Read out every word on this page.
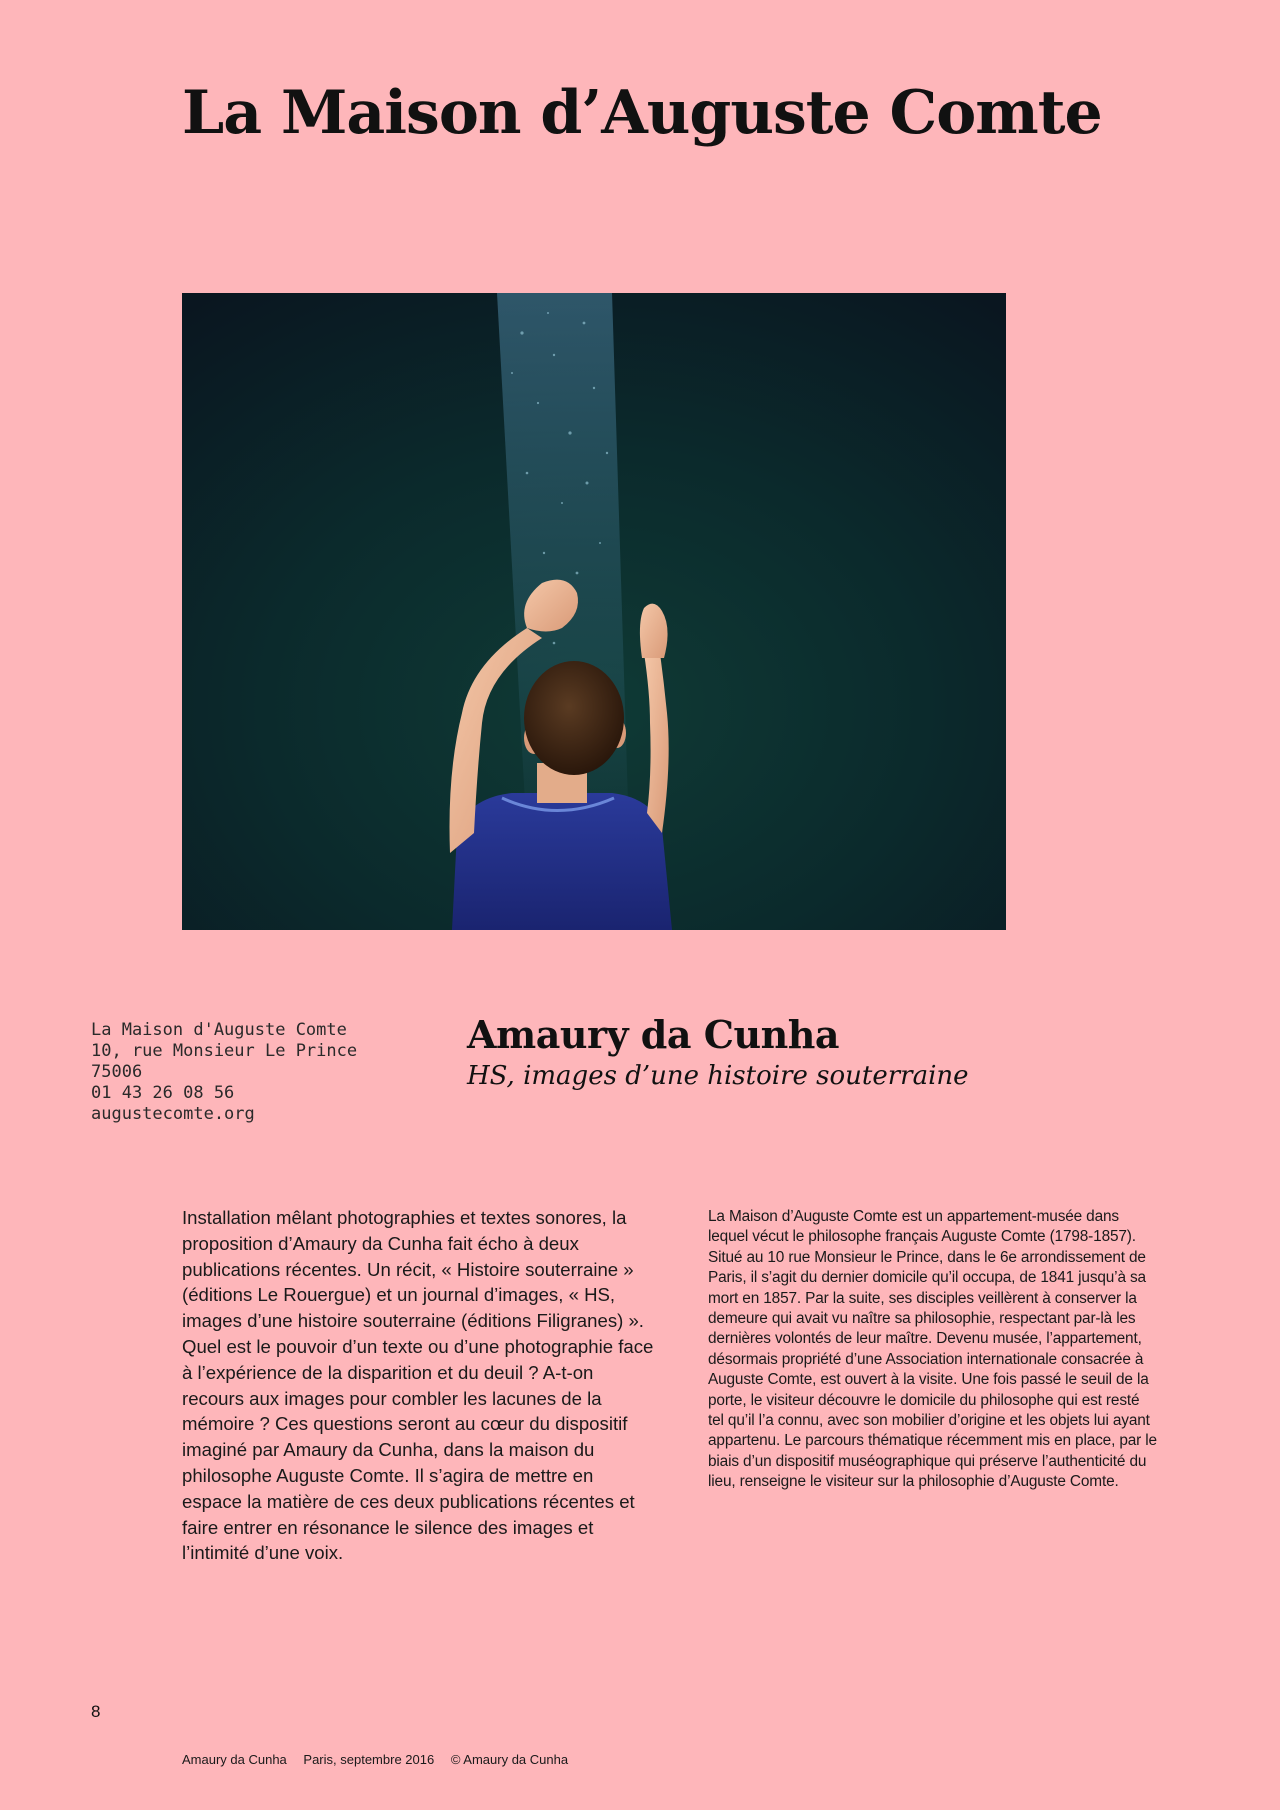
La Maison d’Auguste Comte
La Maison d'Auguste Comte
10, rue Monsieur Le Prince
75006
01 43 26 08 56
augustecomte.org
Amaury da Cunha
HS, images d’une histoire souterraine

Installation mêlant photographies et textes sonores, la proposition d’Amaury da Cunha fait écho à deux publications récentes. Un récit, « Histoire souterraine » (éditions Le Rouergue) et un journal d’images, « HS, images d’une histoire souterraine (éditions Filigranes) ». Quel est le pouvoir d’un texte ou d’une photographie face à l’expérience de la disparition et du deuil ? A-t-on recours aux images pour combler les lacunes de la mémoire ? Ces questions seront au cœur du dispositif imaginé par Amaury da Cunha, dans la maison du philosophe Auguste Comte. Il s’agira de mettre en espace la matière de ces deux publications récentes et faire entrer en résonance le silence des images et l’intimité d’une voix.

La Maison d’Auguste Comte est un appartement-musée dans lequel vécut le philosophe français Auguste Comte (1798-1857). Situé au 10 rue Monsieur le Prince, dans le 6e arrondissement de Paris, il s’agit du dernier domicile qu’il occupa, de 1841 jusqu’à sa mort en 1857. Par la suite, ses disciples veillèrent à conserver la demeure qui avait vu naître sa philosophie, respectant par-là les dernières volontés de leur maître. Devenu musée, l’appartement, désormais propriété d’une Association internationale consacrée à Auguste Comte, est ouvert à la visite. Une fois passé le seuil de la porte, le visiteur découvre le domicile du philosophe qui est resté tel qu’il l’a connu, avec son mobilier d’origine et les objets lui ayant appartenu. Le parcours thématique récemment mis en place, par le biais d’un dispositif muséographique qui préserve l’authenticité du lieu, renseigne le visiteur sur la philosophie d’Auguste Comte.

8
Amaury da Cunha Paris, septembre 2016 © Amaury da Cunha
